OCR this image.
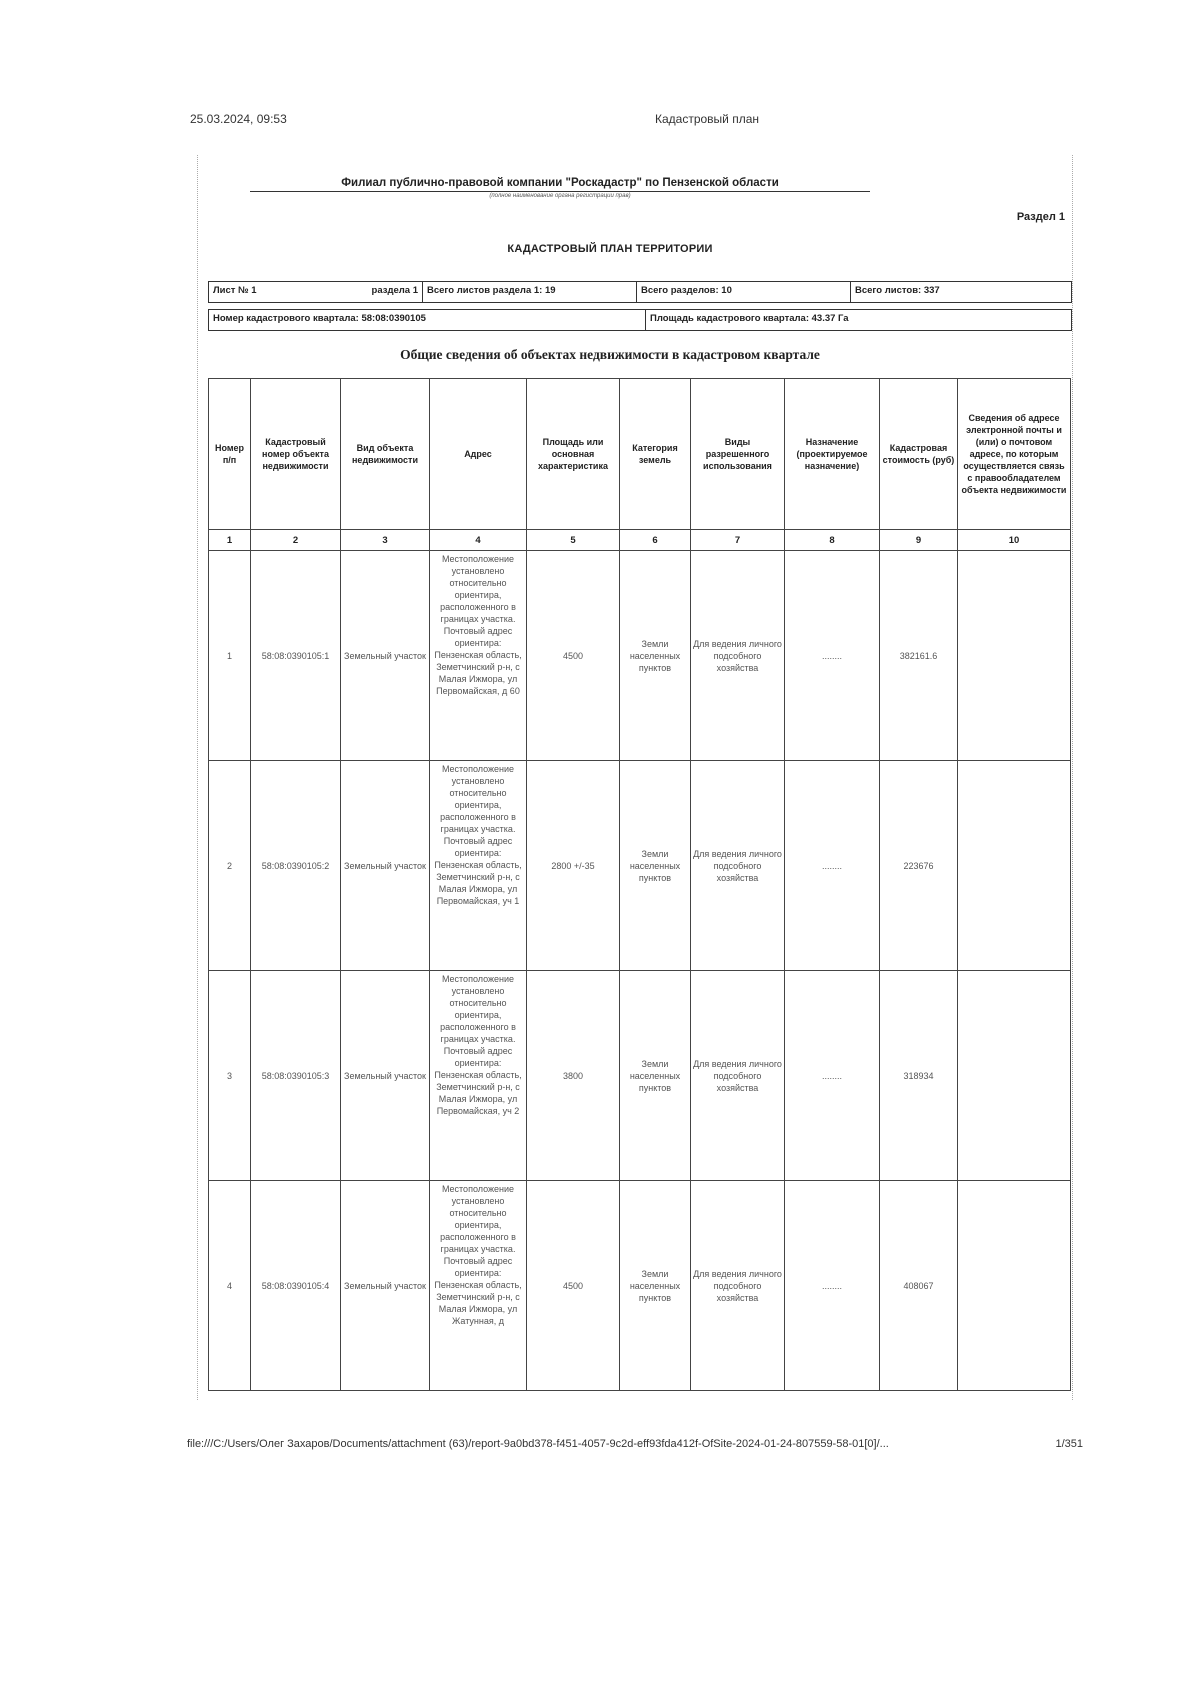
25.03.2024, 09:53	Кадастровый план
Филиал публично-правовой компании "Роскадастр" по Пензенской области
(полное наименование органа регистрации прав)
Раздел 1
КАДАСТРОВЫЙ ПЛАН ТЕРРИТОРИИ
Лист № 1	раздела 1 Всего листов раздела 1: 19	Всего разделов: 10	Всего листов: 337
Номер кадастрового квартала: 58:08:0390105	Площадь кадастрового квартала: 43.37 Га
Общие сведения об объектах недвижимости в кадастровом квартале
Номер п/п	Кадастровый номер объекта недвижимости	Вид объекта недвижимости	Адрес	Площадь или основная характеристика	Категория земель	Виды разрешенного использования	Назначение (проектируемое назначение)	Кадастровая стоимость (руб)	Сведения об адресе электронной почты и (или) о почтовом адресе, по которым осуществляется связь с правообладателем объекта недвижимости
1	2	3	4	5	6	7	8	9	10
1	58:08:0390105:1	Земельный участок	Местоположение установлено относительно ориентира, расположенного в границах участка. Почтовый адрес ориентира: Пензенская область, Земетчинский р-н, с Малая Ижмора, ул Первомайская, д 60	4500	Земли населенных пунктов	Для ведения личного подсобного хозяйства	........	382161.6	
2	58:08:0390105:2	Земельный участок	Местоположение установлено относительно ориентира, расположенного в границах участка. Почтовый адрес ориентира: Пензенская область, Земетчинский р-н, с Малая Ижмора, ул Первомайская, уч 1	2800 +/-35	Земли населенных пунктов	Для ведения личного подсобного хозяйства	........	223676	
3	58:08:0390105:3	Земельный участок	Местоположение установлено относительно ориентира, расположенного в границах участка. Почтовый адрес ориентира: Пензенская область, Земетчинский р-н, с Малая Ижмора, ул Первомайская, уч 2	3800	Земли населенных пунктов	Для ведения личного подсобного хозяйства	........	318934	
4	58:08:0390105:4	Земельный участок	Местоположение установлено относительно ориентира, расположенного в границах участка. Почтовый адрес ориентира: Пензенская область, Земетчинский р-н, с Малая Ижмора, ул Жатунная, д	4500	Земли населенных пунктов	Для ведения личного подсобного хозяйства	........	408067	
file:///C:/Users/Олег Захаров/Documents/attachment (63)/report-9a0bd378-f451-4057-9c2d-eff93fda412f-OfSite-2024-01-24-807559-58-01[0]/...	1/351
